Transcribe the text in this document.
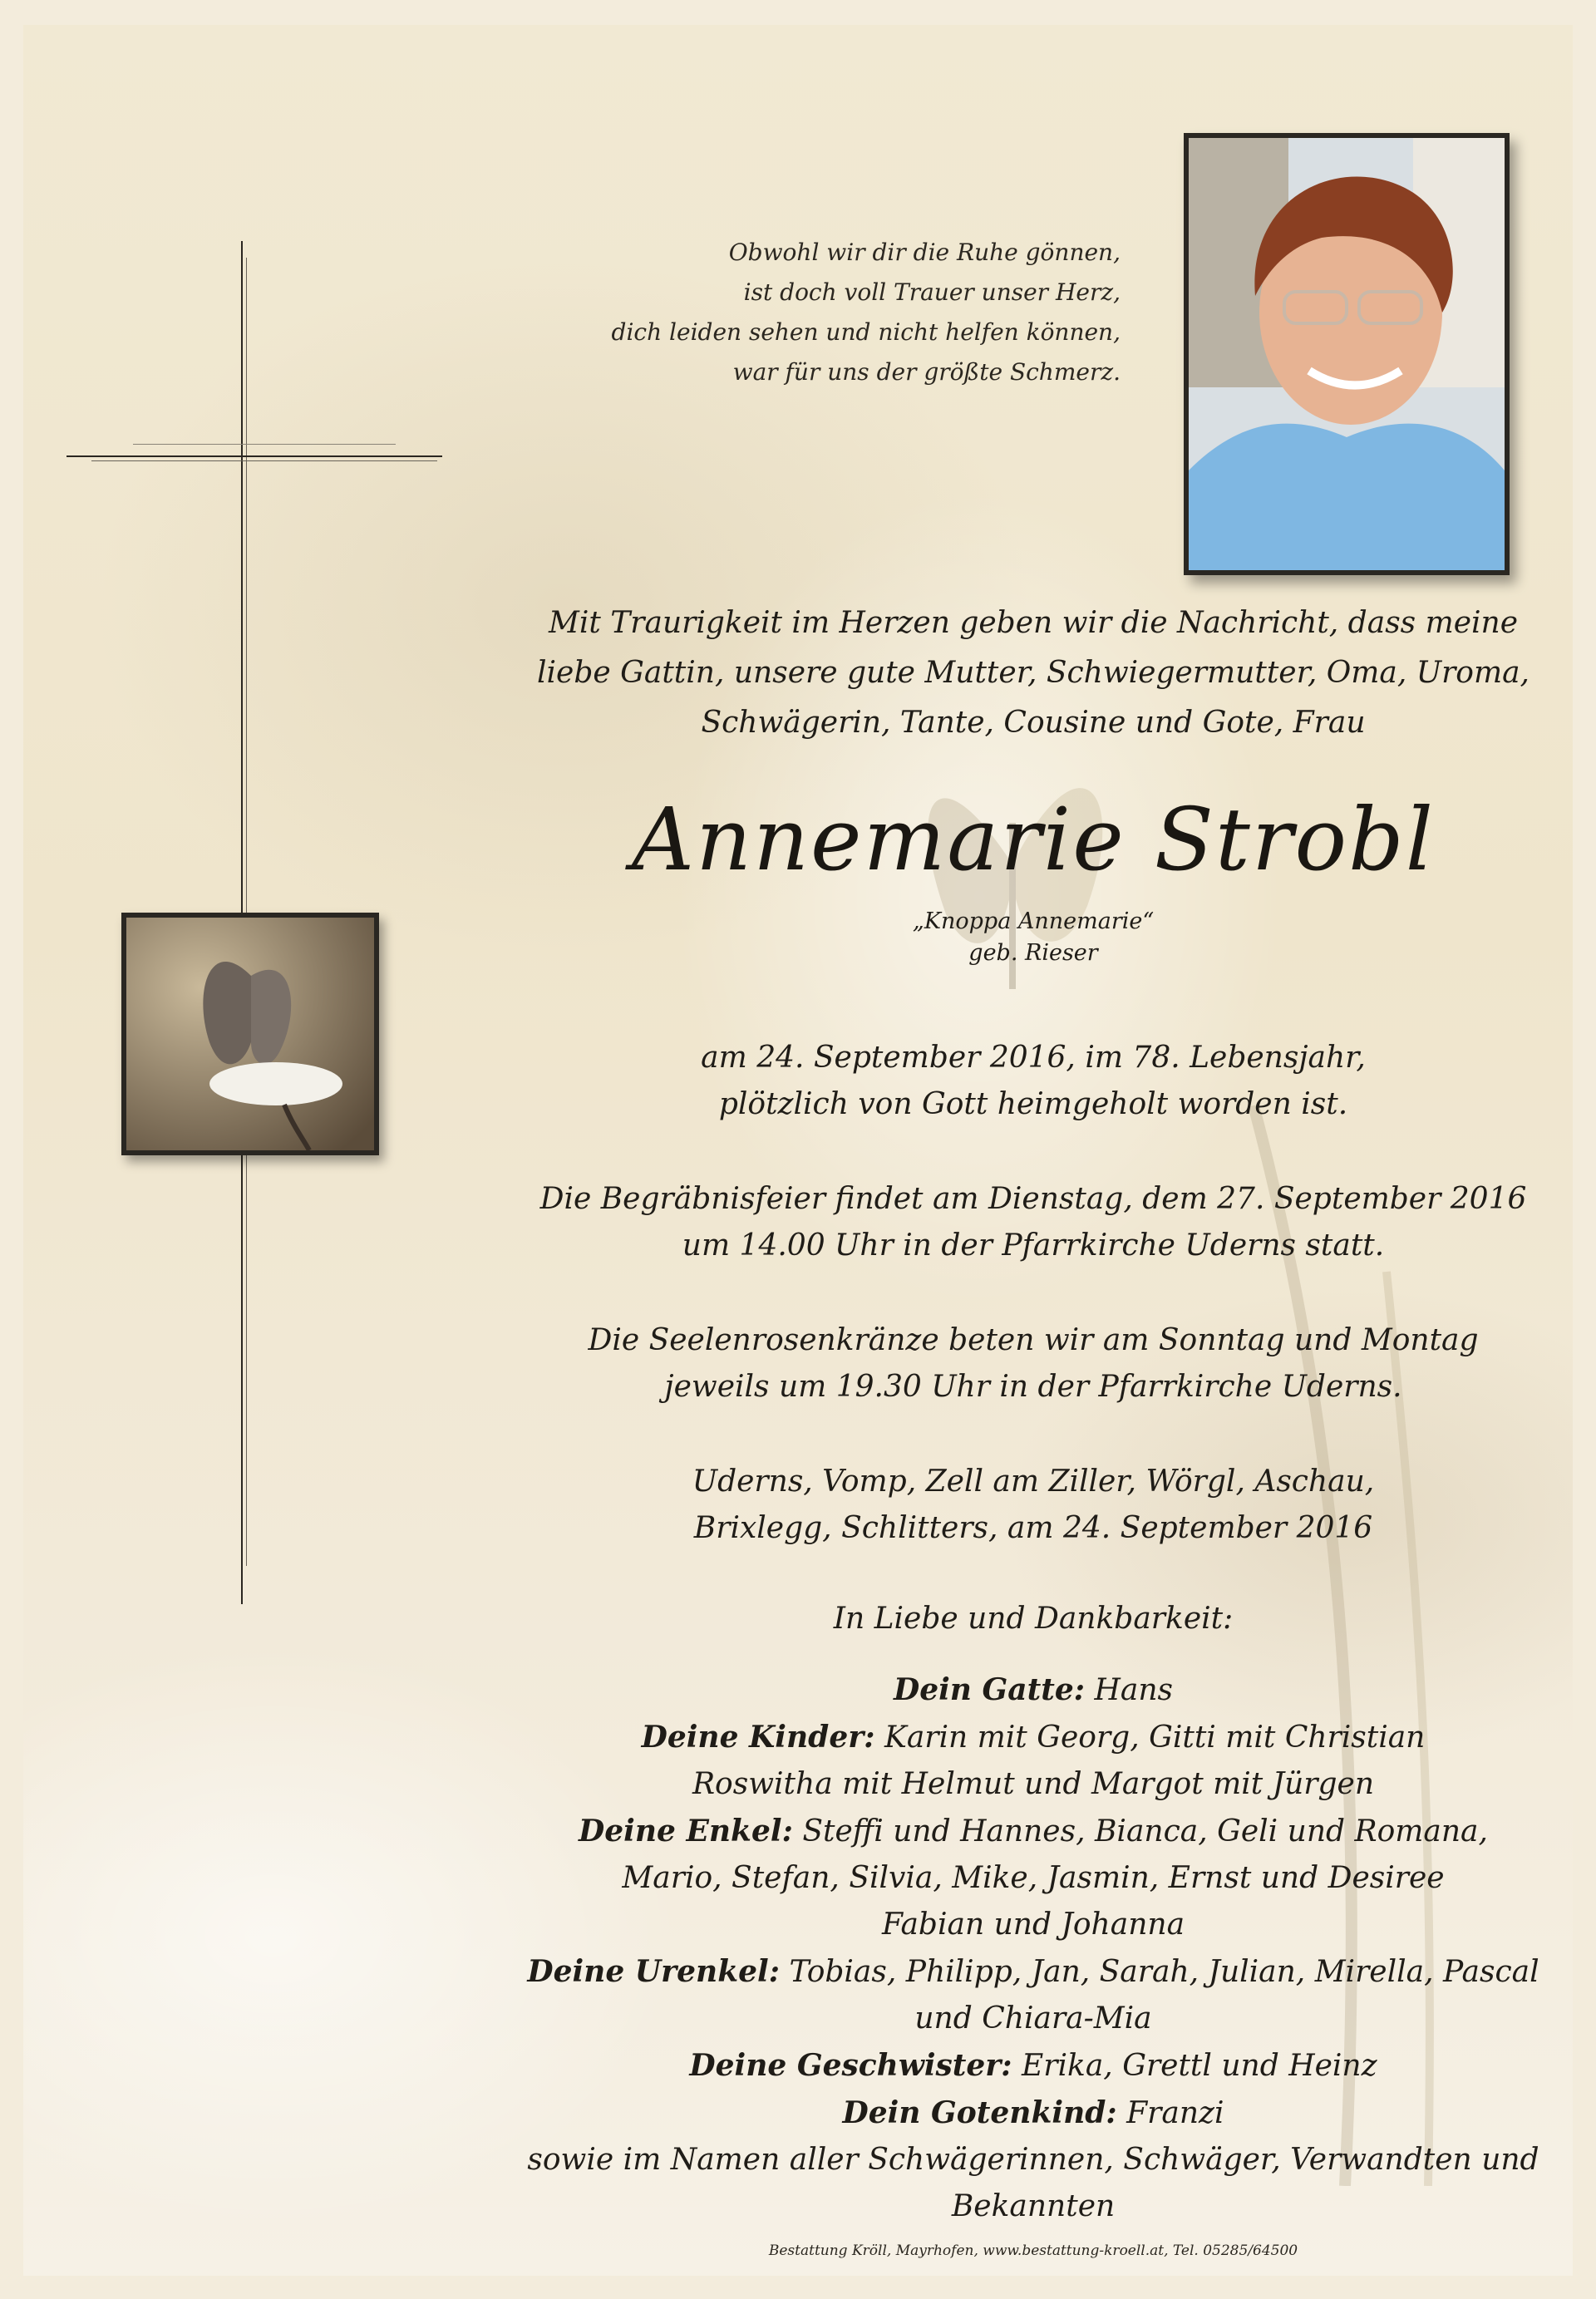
Obwohl wir dir die Ruhe gönnen,
ist doch voll Trauer unser Herz,
dich leiden sehen und nicht helfen können,
war für uns der größte Schmerz.
Mit Traurigkeit im Herzen geben wir die Nachricht, dass meine
liebe Gattin, unsere gute Mutter, Schwiegermutter, Oma, Uroma,
Schwägerin, Tante, Cousine und Gote, Frau
Annemarie Strobl
„Knoppa Annemarie“
geb. Rieser
am 24. September 2016, im 78. Lebensjahr,
plötzlich von Gott heimgeholt worden ist.
Die Begräbnisfeier findet am Dienstag, dem 27. September 2016
um 14.00 Uhr in der Pfarrkirche Uderns statt.
Die Seelenrosenkränze beten wir am Sonntag und Montag
jeweils um 19.30 Uhr in der Pfarrkirche Uderns.
Uderns, Vomp, Zell am Ziller, Wörgl, Aschau,
Brixlegg, Schlitters, am 24. September 2016
In Liebe und Dankbarkeit:
Dein Gatte: Hans
Deine Kinder: Karin mit Georg, Gitti mit Christian
Roswitha mit Helmut und Margot mit Jürgen
Deine Enkel: Steffi und Hannes, Bianca, Geli und Romana,
Mario, Stefan, Silvia, Mike, Jasmin, Ernst und Desiree
Fabian und Johanna
Deine Urenkel: Tobias, Philipp, Jan, Sarah, Julian, Mirella, Pascal
und Chiara-Mia
Deine Geschwister: Erika, Grettl und Heinz
Dein Gotenkind: Franzi
sowie im Namen aller Schwägerinnen, Schwäger, Verwandten und
Bekannten
Bestattung Kröll, Mayrhofen, www.bestattung-kroell.at, Tel. 05285/64500
